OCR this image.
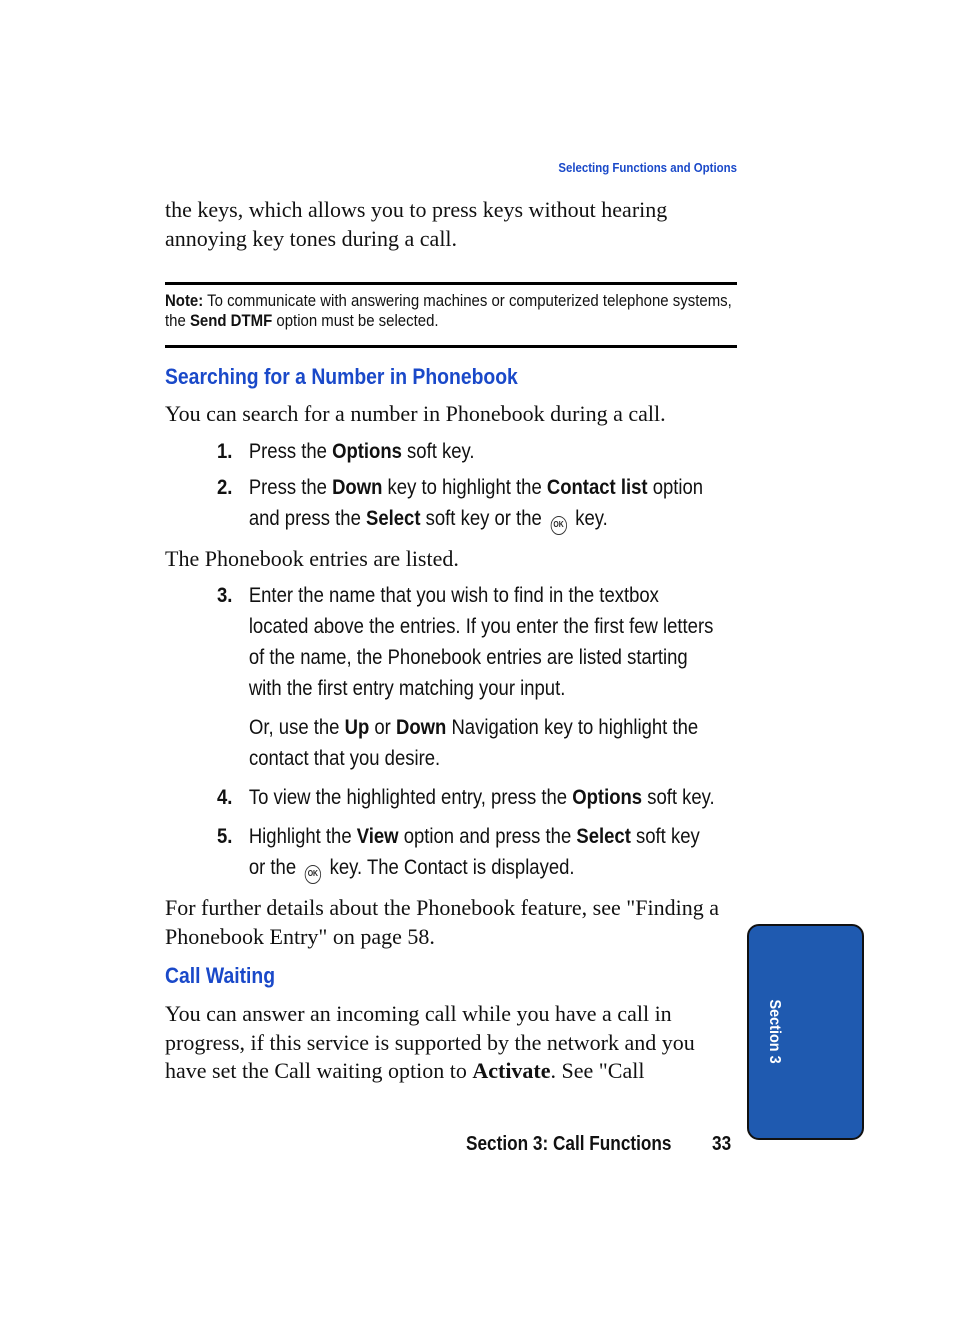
Selecting Functions and Options
the keys, which allows you to press keys without hearing annoying key tones during a call.
Note: To communicate with answering machines or computerized telephone systems, the Send DTMF option must be selected.
Searching for a Number in Phonebook
You can search for a number in Phonebook during a call.
1. Press the Options soft key.
2. Press the Down key to highlight the Contact list option
and press the Select soft key or the OK key.
The Phonebook entries are listed.
3. Enter the name that you wish to find in the textbox
located above the entries. If you enter the first few letters
of the name, the Phonebook entries are listed starting
with the first entry matching your input.
Or, use the Up or Down Navigation key to highlight the
contact that you desire.
4. To view the highlighted entry, press the Options soft key.
5. Highlight the View option and press the Select soft key
or the OK key. The Contact is displayed.
For further details about the Phonebook feature, see "Finding a Phonebook Entry" on page 58.
Call Waiting
You can answer an incoming call while you have a call in progress, if this service is supported by the network and you have set the Call waiting option to Activate. See "Call
Section 3
Section 3: Call Functions 33
